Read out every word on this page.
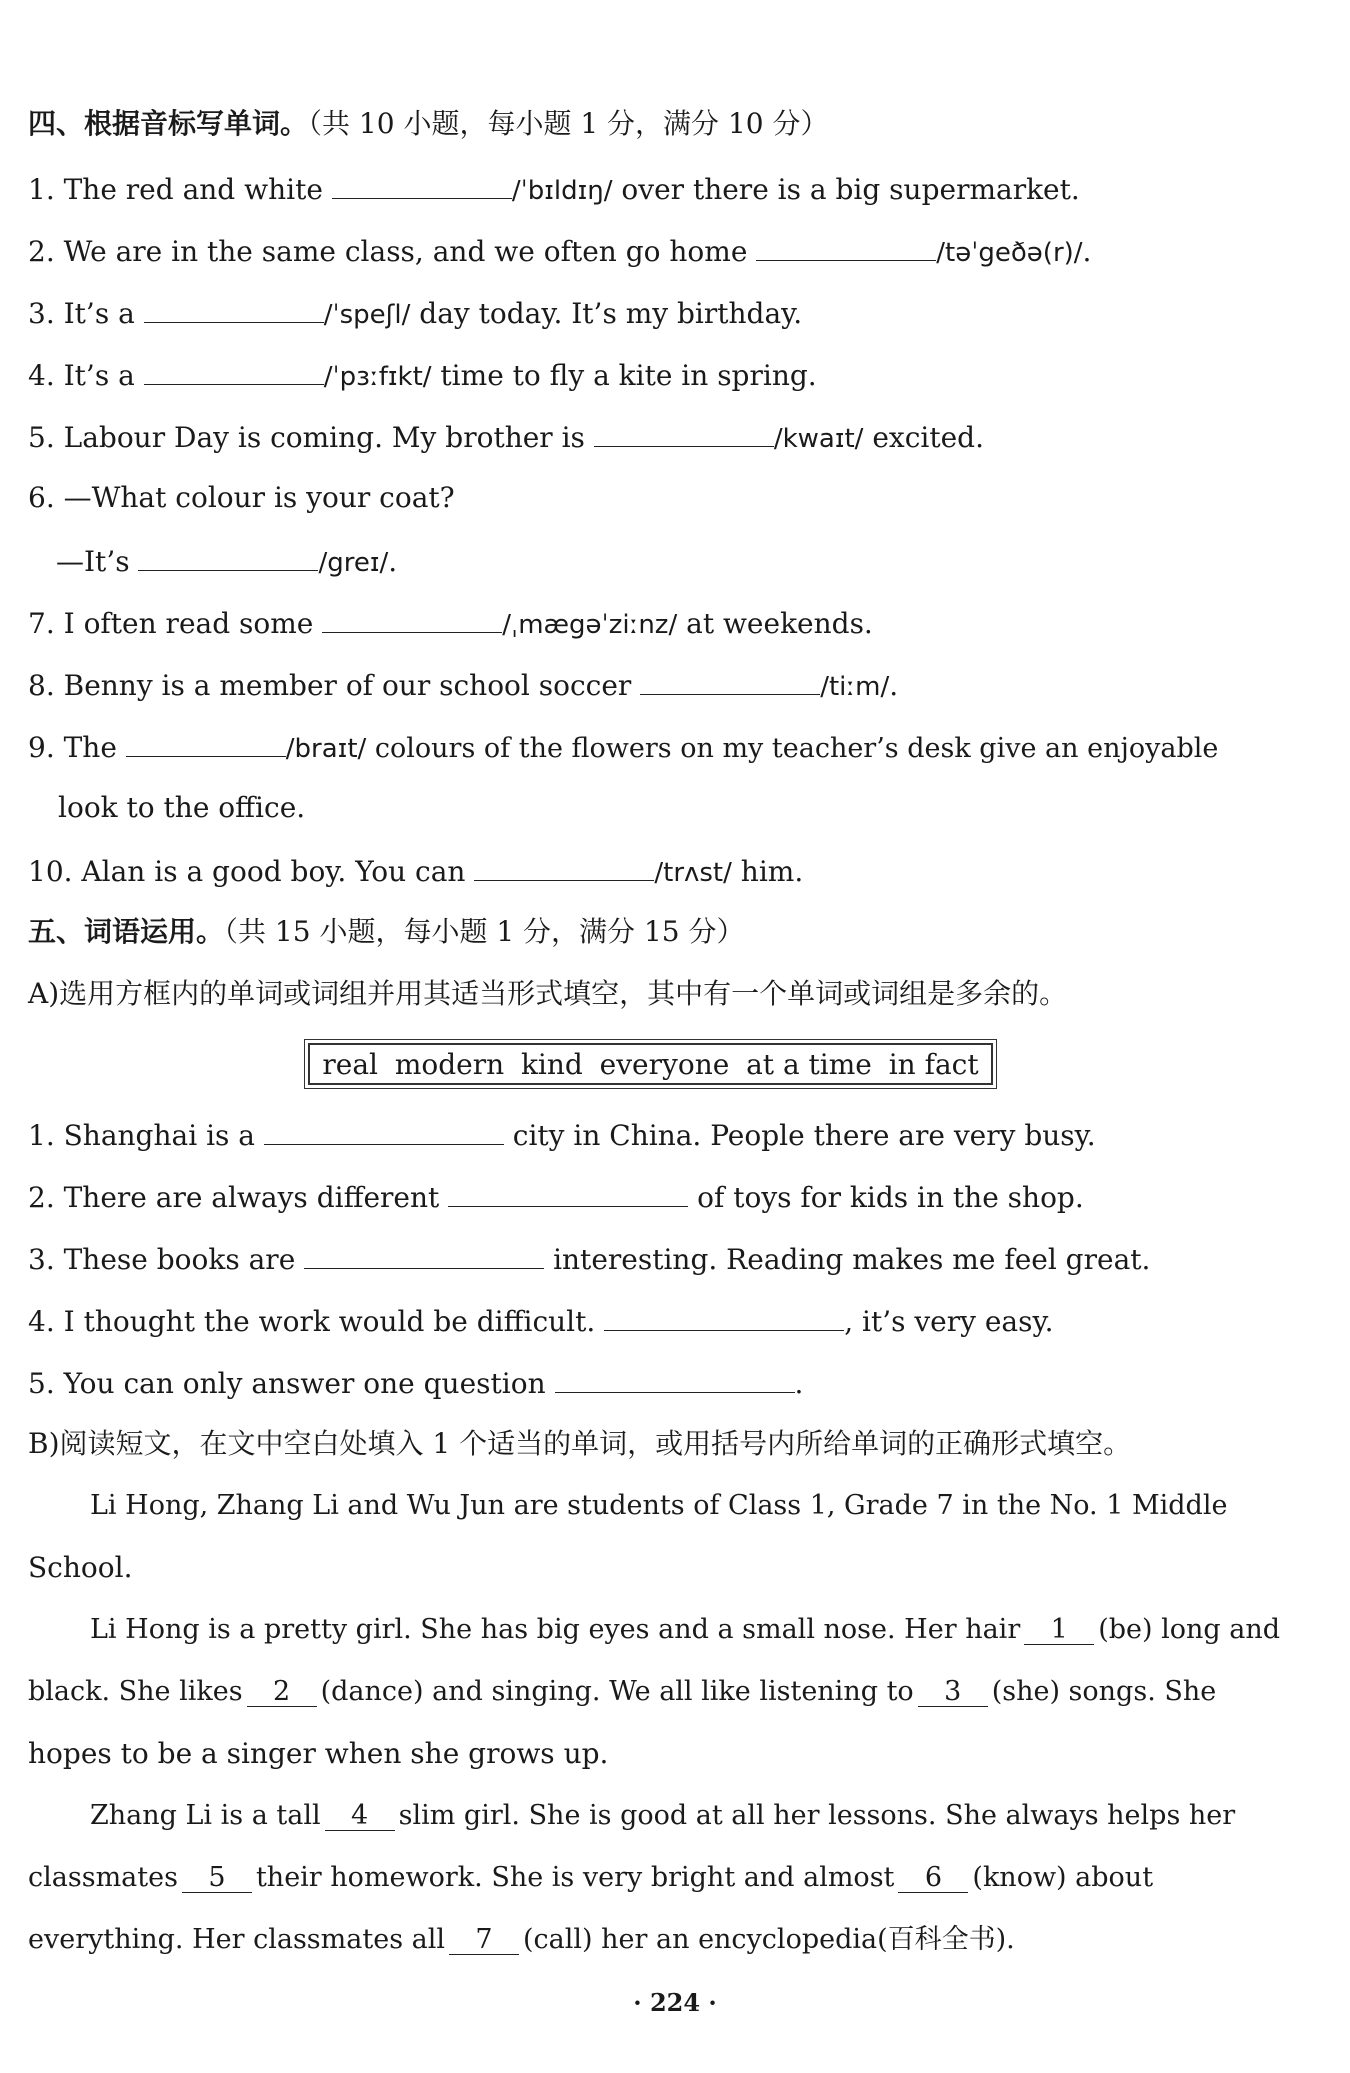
四、根据音标写单词。（共 10 小题，每小题 1 分，满分 10 分）
1. The red and white	/ˈbɪldɪŋ/ over there is a big supermarket.
2. We are in the same class, and we often go home	/təˈgeðə(r)/.
3. It’s a	/ˈspeʃl/ day today. It’s my birthday.
4. It’s a	/ˈpɜːfɪkt/ time to fly a kite in spring.
5. Labour Day is coming. My brother is	/kwaɪt/ excited.
6. —What colour is your coat?
—It’s	/greɪ/.
7. I often read some	/ˌmægəˈziːnz/ at weekends.
8. Benny is a member of our school soccer	/tiːm/.
9. The	/braɪt/ colours of the flowers on my teacher’s desk give an enjoyable
look to the office.
10. Alan is a good boy. You can	/trʌst/ him.
五、词语运用。（共 15 小题，每小题 1 分，满分 15 分）
A)选用方框内的单词或词组并用其适当形式填空，其中有一个单词或词组是多余的。
real modern kind everyone at a time in fact
1. Shanghai is a	city in China. People there are very busy.
2. There are always different	of toys for kids in the shop.
3. These books are	interesting. Reading makes me feel great.
4. I thought the work would be difficult.	, it’s very easy.
5. You can only answer one question	.
B)阅读短文，在文中空白处填入 1 个适当的单词，或用括号内所给单词的正确形式填空。
Li Hong, Zhang Li and Wu Jun are students of Class 1, Grade 7 in the No. 1 Middle
School.
Li Hong is a pretty girl. She has big eyes and a small nose. Her hair 1 (be) long and
black. She likes 2 (dance) and singing. We all like listening to 3 (she) songs. She
hopes to be a singer when she grows up.
Zhang Li is a tall 4 slim girl. She is good at all her lessons. She always helps her
classmates 5 their homework. She is very bright and almost 6 (know) about
everything. Her classmates all 7 (call) her an encyclopedia(百科全书).
· 224 ·
